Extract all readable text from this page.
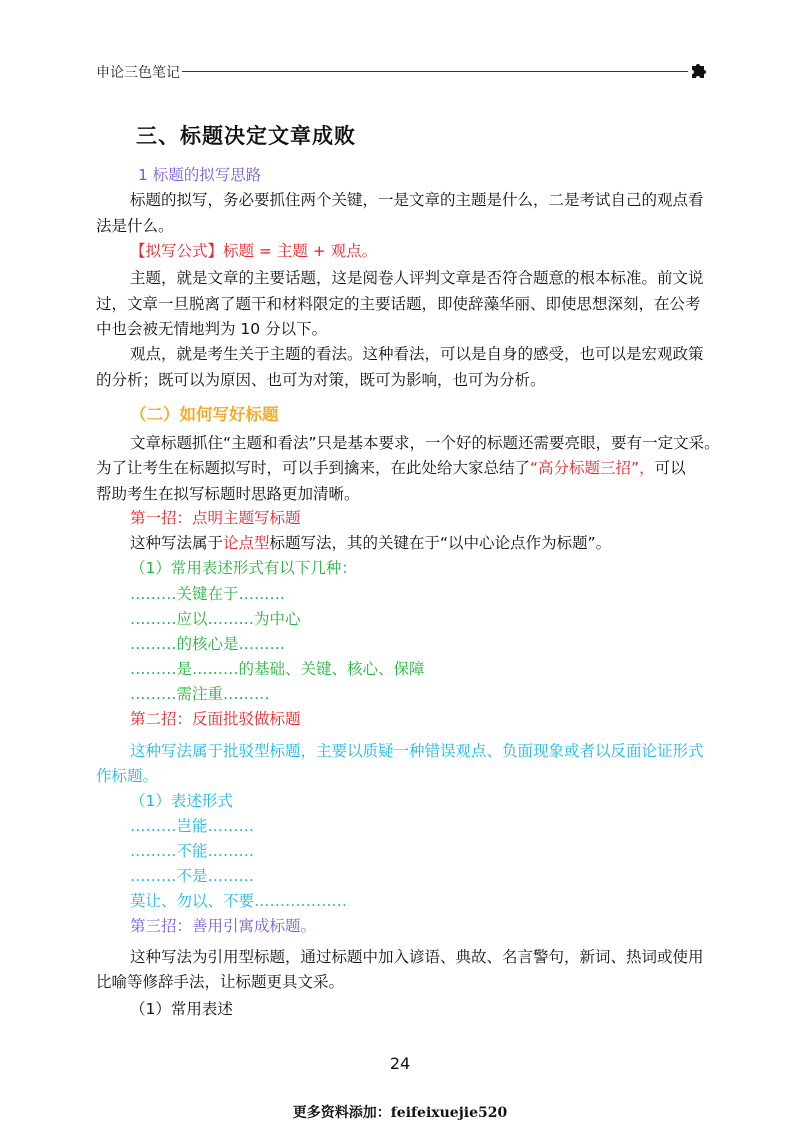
申论三色笔记
三、标题决定文章成败
1 标题的拟写思路
标题的拟写，务必要抓住两个关键，一是文章的主题是什么，二是考试自己的观点看
法是什么。
【拟写公式】标题 = 主题 + 观点。
主题，就是文章的主要话题，这是阅卷人评判文章是否符合题意的根本标准。前文说
过，文章一旦脱离了题干和材料限定的主要话题，即使辞藻华丽、即使思想深刻，在公考
中也会被无情地判为 10 分以下。
观点，就是考生关于主题的看法。这种看法，可以是自身的感受，也可以是宏观政策
的分析；既可以为原因、也可为对策，既可为影响，也可为分析。
（二）如何写好标题
文章标题抓住“主题和看法”只是基本要求，一个好的标题还需要亮眼，要有一定文采。
为了让考生在标题拟写时，可以手到擒来，在此处给大家总结了“高分标题三招”，可以
帮助考生在拟写标题时思路更加清晰。
第一招：点明主题写标题
这种写法属于论点型标题写法，其的关键在于“以中心论点作为标题”。
（1）常用表述形式有以下几种：
………关键在于………
………应以………为中心
………的核心是………
………是………的基础、关键、核心、保障
………需注重………
第二招：反面批驳做标题
这种写法属于批驳型标题，主要以质疑一种错误观点、负面现象或者以反面论证形式
作标题。
（1）表述形式
………岂能………
………不能………
………不是………
莫让、勿以、不要………………
第三招：善用引寓成标题。
这种写法为引用型标题，通过标题中加入谚语、典故、名言警句，新词、热词或使用
比喻等修辞手法，让标题更具文采。
（1）常用表述
24
更多资料添加：feifeixuejie520
